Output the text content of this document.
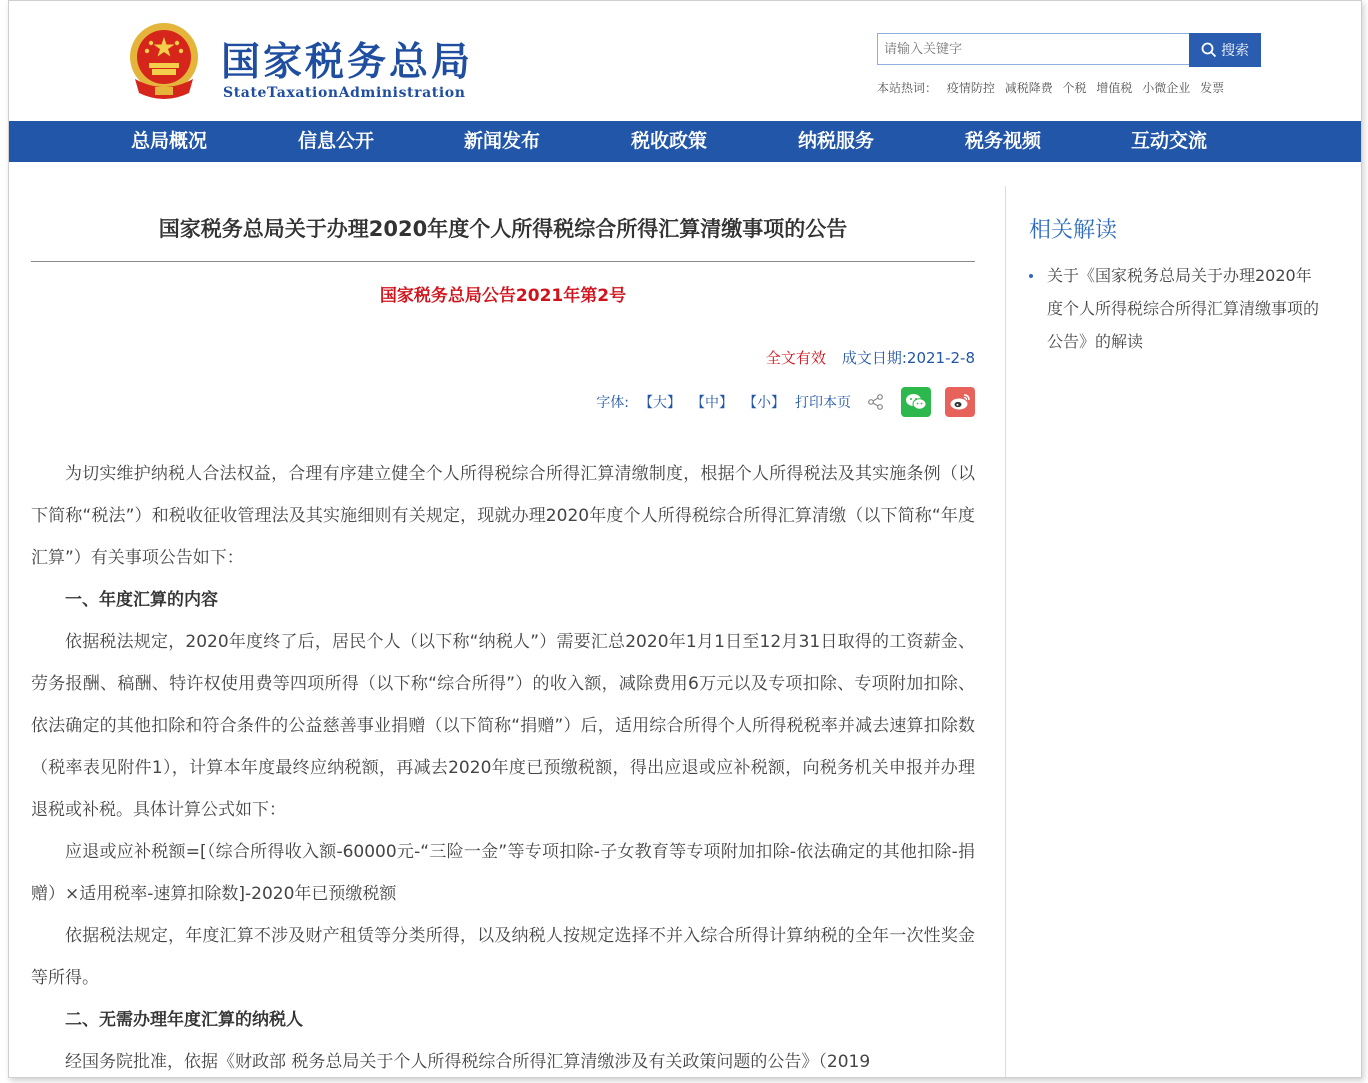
国家税务总局
StateTaxationAdministration
请输入关键字
搜索
本站热词： 疫情防控 减税降费 个税 增值税 小微企业 发票
总局概况	信息公开	新闻发布	税收政策	纳税服务	税务视频	互动交流
国家税务总局关于办理2020年度个人所得税综合所得汇算清缴事项的公告
国家税务总局公告2021年第2号
全文有效 成文日期:2021-2-8
字体: 【大】 【中】 【小】 打印本页

为切实维护纳税人合法权益，合理有序建立健全个人所得税综合所得汇算清缴制度，根据个人所得税法及其实施条例（以下简称“税法”）和税收征收管理法及其实施细则有关规定，现就办理2020年度个人所得税综合所得汇算清缴（以下简称“年度汇算”）有关事项公告如下：

一、年度汇算的内容

依据税法规定，2020年度终了后，居民个人（以下称“纳税人”）需要汇总2020年1月1日至12月31日取得的工资薪金、劳务报酬、稿酬、特许权使用费等四项所得（以下称“综合所得”）的收入额，减除费用6万元以及专项扣除、专项附加扣除、依法确定的其他扣除和符合条件的公益慈善事业捐赠（以下简称“捐赠”）后，适用综合所得个人所得税税率并减去速算扣除数（税率表见附件1），计算本年度最终应纳税额，再减去2020年度已预缴税额，得出应退或应补税额，向税务机关申报并办理退税或补税。具体计算公式如下：

应退或应补税额=[（综合所得收入额-60000元-“三险一金”等专项扣除-子女教育等专项附加扣除-依法确定的其他扣除-捐赠）×适用税率-速算扣除数]-2020年已预缴税额

依据税法规定，年度汇算不涉及财产租赁等分类所得，以及纳税人按规定选择不并入综合所得计算纳税的全年一次性奖金等所得。

二、无需办理年度汇算的纳税人

经国务院批准，依据《财政部 税务总局关于个人所得税综合所得汇算清缴涉及有关政策问题的公告》（2019

相关解读
关于《国家税务总局关于办理2020年度个人所得税综合所得汇算清缴事项的公告》的解读
